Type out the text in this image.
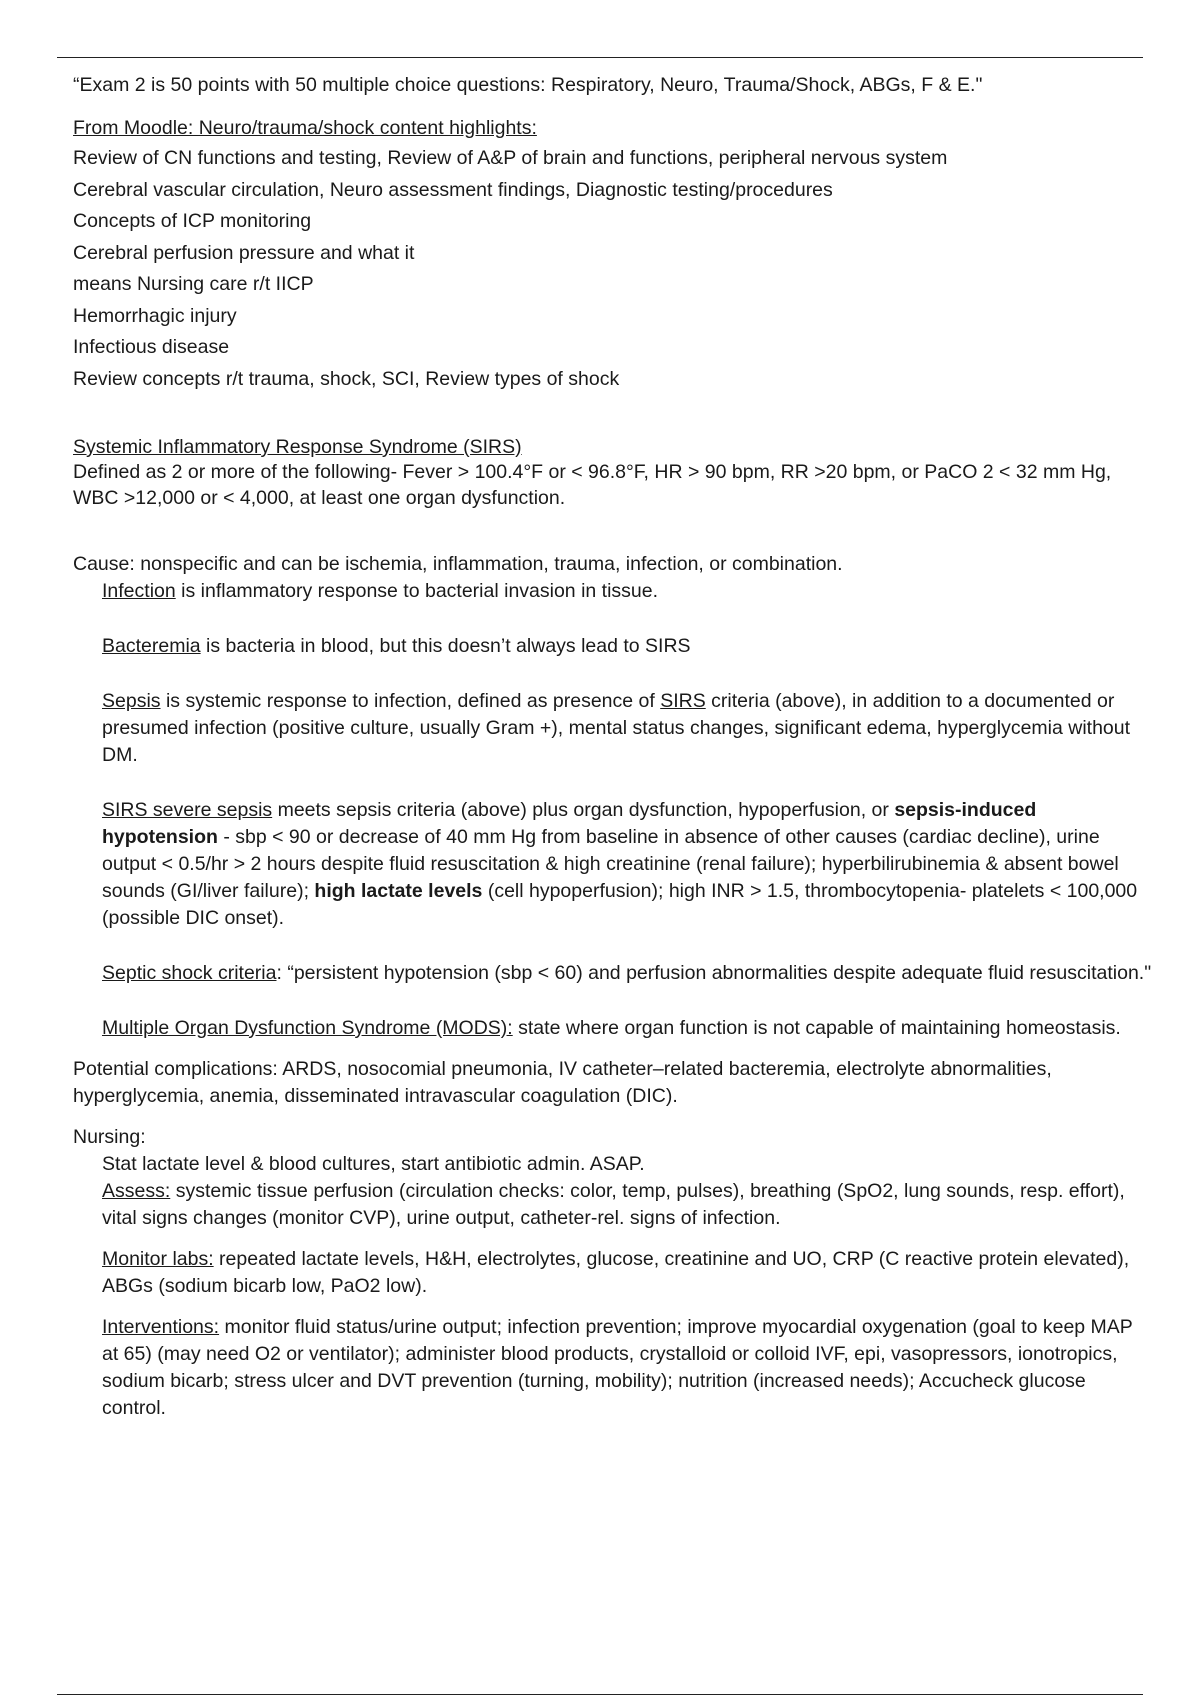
“Exam 2 is 50 points with 50 multiple choice questions: Respiratory, Neuro, Trauma/Shock, ABGs, F & E."

From Moodle: Neuro/trauma/shock content highlights:

Review of CN functions and testing, Review of A&P of brain and functions, peripheral nervous system

Cerebral vascular circulation, Neuro assessment findings, Diagnostic testing/procedures

Concepts of ICP monitoring

Cerebral perfusion pressure and what it

means Nursing care r/t IICP

Hemorrhagic injury

Infectious disease

Review concepts r/t trauma, shock, SCI, Review types of shock

Systemic Inflammatory Response Syndrome (SIRS)

Defined as 2 or more of the following- Fever > 100.4°F or < 96.8°F, HR > 90 bpm, RR >20 bpm, or PaCO 2 < 32 mm Hg, WBC >12,000 or < 4,000, at least one organ dysfunction.

Cause: nonspecific and can be ischemia, inflammation, trauma, infection, or combination.

Infection is inflammatory response to bacterial invasion in tissue.

Bacteremia is bacteria in blood, but this doesn’t always lead to SIRS

Sepsis is systemic response to infection, defined as presence of SIRS criteria (above), in addition to a documented or presumed infection (positive culture, usually Gram +), mental status changes, significant edema, hyperglycemia without DM.

SIRS severe sepsis meets sepsis criteria (above) plus organ dysfunction, hypoperfusion, or sepsis-induced hypotension - sbp < 90 or decrease of 40 mm Hg from baseline in absence of other causes (cardiac decline), urine output < 0.5/hr > 2 hours despite fluid resuscitation & high creatinine (renal failure); hyperbilirubinemia & absent bowel sounds (GI/liver failure); high lactate levels (cell hypoperfusion); high INR > 1.5, thrombocytopenia- platelets < 100,000 (possible DIC onset).

Septic shock criteria: “persistent hypotension (sbp < 60) and perfusion abnormalities despite adequate fluid resuscitation."

Multiple Organ Dysfunction Syndrome (MODS): state where organ function is not capable of maintaining homeostasis.

Potential complications: ARDS, nosocomial pneumonia, IV catheter–related bacteremia, electrolyte abnormalities, hyperglycemia, anemia, disseminated intravascular coagulation (DIC).

Nursing:

Stat lactate level & blood cultures, start antibiotic admin. ASAP.

Assess: systemic tissue perfusion (circulation checks: color, temp, pulses), breathing (SpO2, lung sounds, resp. effort), vital signs changes (monitor CVP), urine output, catheter-rel. signs of infection.

Monitor labs: repeated lactate levels, H&H, electrolytes, glucose, creatinine and UO, CRP (C reactive protein elevated), ABGs (sodium bicarb low, PaO2 low).

Interventions: monitor fluid status/urine output; infection prevention; improve myocardial oxygenation (goal to keep MAP at 65) (may need O2 or ventilator); administer blood products, crystalloid or colloid IVF, epi, vasopressors, ionotropics, sodium bicarb; stress ulcer and DVT prevention (turning, mobility); nutrition (increased needs); Accucheck glucose control.
